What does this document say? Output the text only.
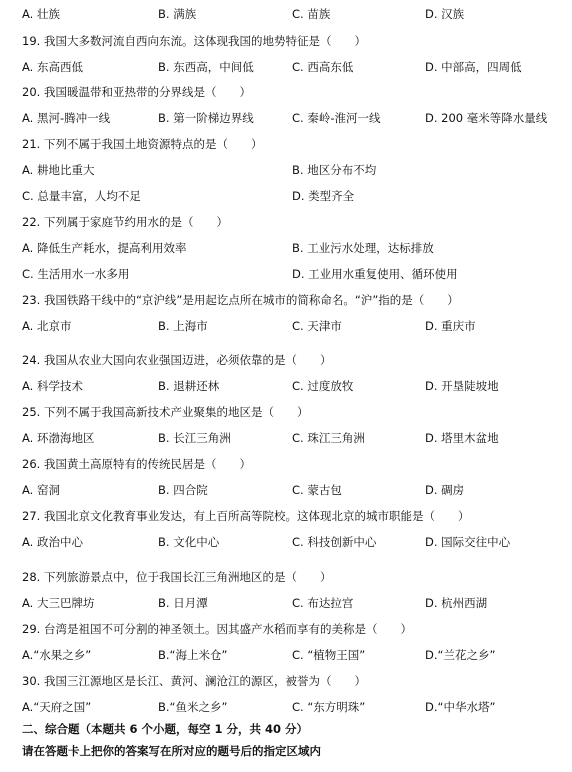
A. 壮族	B. 满族	C. 苗族	D. 汉族
19. 我国大多数河流自西向东流。这体现我国的地势特征是（　　）
A. 东高西低	B. 东西高，中间低	C. 西高东低	D. 中部高，四周低
20. 我国暖温带和亚热带的分界线是（　　）
A. 黑河-腾冲一线	B. 第一阶梯边界线	C. 秦岭-淮河一线	D. 200 毫米等降水量线
21. 下列不属于我国土地资源特点的是（　　）
A. 耕地比重大	B. 地区分布不均
C. 总量丰富，人均不足	D. 类型齐全
22. 下列属于家庭节约用水的是（　　）
A. 降低生产耗水，提高利用效率	B. 工业污水处理，达标排放
C. 生活用水一水多用	D. 工业用水重复使用、循环使用
23. 我国铁路干线中的“京沪线”是用起讫点所在城市的简称命名。“沪”指的是（　　）
A. 北京市	B. 上海市	C. 天津市	D. 重庆市
24. 我国从农业大国向农业强国迈进，必须依靠的是（　　）
A. 科学技术	B. 退耕还林	C. 过度放牧	D. 开垦陡坡地
25. 下列不属于我国高新技术产业聚集的地区是（　　）
A. 环渤海地区	B. 长江三角洲	C. 珠江三角洲	D. 塔里木盆地
26. 我国黄土高原特有的传统民居是（　　）
A. 窑洞	B. 四合院	C. 蒙古包	D. 碉房
27. 我国北京文化教育事业发达，有上百所高等院校。这体现北京的城市职能是（　　）
A. 政治中心	B. 文化中心	C. 科技创新中心	D. 国际交往中心
28. 下列旅游景点中，位于我国长江三角洲地区的是（　　）
A. 大三巴牌坊	B. 日月潭	C. 布达拉宫	D. 杭州西湖
29. 台湾是祖国不可分割的神圣领土。因其盛产水稻而享有的美称是（　　）
A.“水果之乡”	B.“海上米仓”	C. “植物王国”	D.“兰花之乡”
30. 我国三江源地区是长江、黄河、澜沧江的源区，被誉为（　　）
A.“天府之国”	B.“鱼米之乡”	C. “东方明珠”	D.“中华水塔”
二、综合题（本题共 6 个小题，每空 1 分，共 40 分）
请在答题卡上把你的答案写在所对应的题号后的指定区域内
